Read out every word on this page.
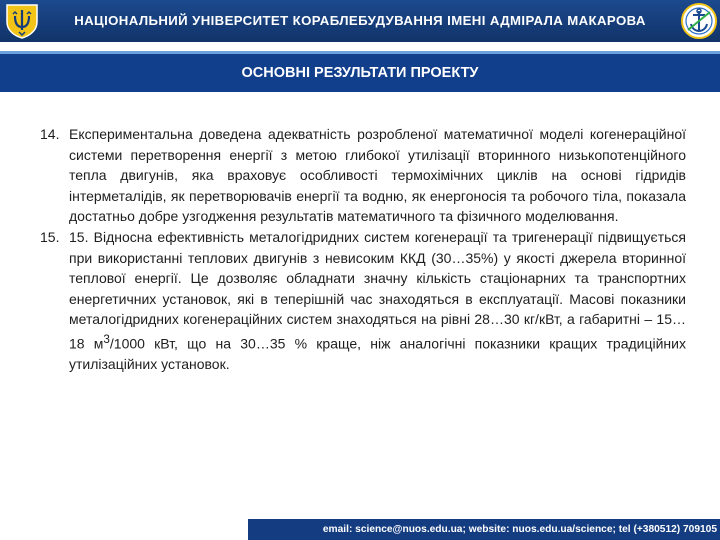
НАЦІОНАЛЬНИЙ УНІВЕРСИТЕТ КОРАБЛЕБУДУВАННЯ ІМЕНІ АДМІРАЛА МАКАРОВА
ОСНОВНІ РЕЗУЛЬТАТИ ПРОЕКТУ
14. Експериментальна доведена адекватність розробленої математичної моделі когенераційної системи перетворення енергії з метою глибокої утилізації вторинного низькопотенційного тепла двигунів, яка враховує особливості термохімічних циклів на основі гідридів інтерметалідів, як перетворювачів енергії та водню, як енергоносія та робочого тіла, показала достатньо добре узгодження результатів математичного та фізичного моделювання.
15. 15. Відносна ефективність металогідридних систем когенерації та тригенерації підвищується при використанні теплових двигунів з невисоким ККД (30…35%) у якості джерела вторинної теплової енергії. Це дозволяє обладнати значну кількість стаціонарних та транспортних енергетичних установок, які в теперішній час знаходяться в експлуатації. Масові показники металогідридних когенераційних систем знаходяться на рівні 28…30 кг/кВт, а габаритні – 15…18 $м^3/1000$ кВт, що на 30…35 % краще, ніж аналогічні показники кращих традиційних утилізаційних установок.
email: science@nuos.edu.ua; website: nuos.edu.ua/science; tel (+380512) 709105
